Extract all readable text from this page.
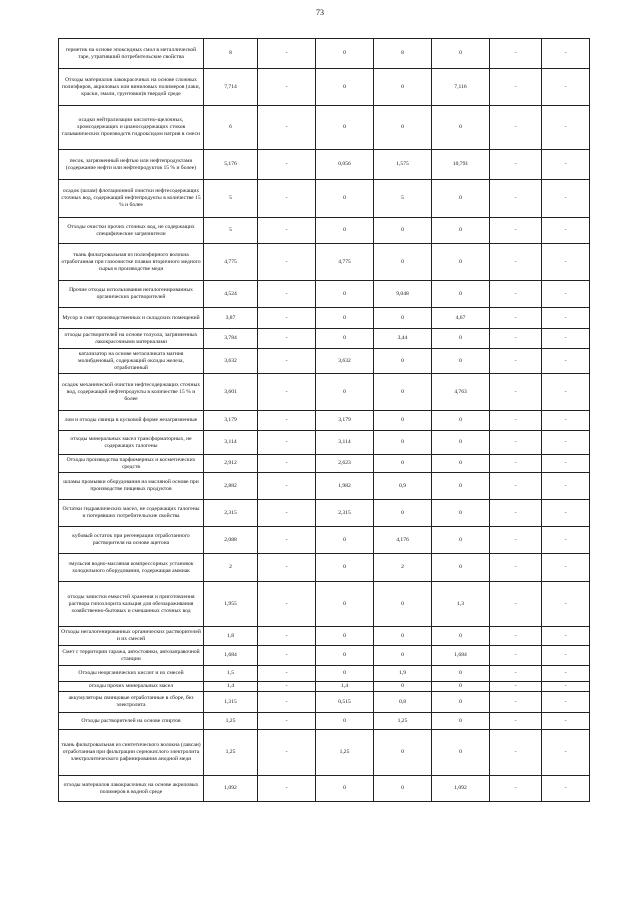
73
герметик на основе эпоксидных смол в металлической таре, утративший потребительские свойства	8	-	0	8	0	-	-
Отходы материалов лакокрасочных на основе сложных полиэфиров, акриловых или виниловых полимеров (лаки, краски, эмали, грунтовки)в твердой среде	7,714	-	0	0	7,116	-	-
осадки нейтрализации кислотно-щелочных, хромсодержащих и цианосодержащих стоков гальванических производств гидроксидом натрия в смеси	6	-	0	0	0	-	-
песок, загрязненный нефтью или нефтепродуктами (содержание нефти или нефтепродуктов 15 % и более)	5,176	-	0,056	1,575	10,791	-	-
осадок (шлам) флотационной очистки нефтесодержащих сточных вод, содержащий нефтепродукты в количестве 15 % и более	5	-	0	5	0	-	-
Отходы очистки прочих сточных вод, не содержащих специфические загрязнители	5	-	0	0	0	-	-
ткань фильтровальная из полиэфирного волокна отработанная при газоочистке плавки вторичного медного сырья в производстве меди	4,775	-	4,775	0	0	-	-
Прочие отходы использования негалогенированных органических растворителей	4,524	-	0	9,048	0	-	-
Мусор и смет производственных и складских помещений	3,87	-	0	0	4,67	-	-
отходы растворителей на основе толуола, загрязненных лакокрасочными материалами	3,784	-	0	3,44	0	-	-
катализатор на основе метасиликата магния молибденовый, содержащий оксиды железа, отработанный	3,632	-	3,632	0	0	-	-
осадок механической очистки нефтесодержащих сточных вод, содержащий нефтепродукты в количестве 15 % и более	3,601	-	0	0	4,763	-	-
лом и отходы свинца в кусковой форме незагрязненные	3,179	-	3,179	0	0	-	-
отходы минеральных масел трансформаторных, не содержащих галогены	3,114	-	3,114	0	0	-	-
Отходы производства парфюмерных и косметических средств	2,912	-	2,623	0	0	-	-
шламы промывки оборудования на масляной основе при производстве пищевых продуктов	2,882	-	1,982	0,9	0	-	-
Остатки гидравлических масел, не содержащих галогены и потерявших потребительские свойства	2,315	-	2,315	0	0	-	-
кубовый остаток при регенерации отработанного растворителя на основе ацетона	2,088	-	0	4,176	0	-	-
эмульсия водно-масляная компрессорных установок холодильного оборудования, содержащая аммиак	2	-	0	2	0	-	-
отходы зачистки емкостей хранения и приготовления раствора гипохлорита кальция для обеззараживания хозяйственно-бытовых и смешанных сточных вод	1,955	-	0	0	1,3	-	-
Отходы негалогенированных органических растворителей и их смесей	1,8	-	0	0	0	-	-
Смет с территории гаража, автостоянки, автозаправочной станции	1,684	-	0	0	1,684	-	-
Отходы неорганических кислот и их смесей	1,5	-	0	1,9	0	-	-
отходы прочих минеральных масел	1,4	-	1,4	0	0	-	-
аккумуляторы свинцовые отработанные в сборе, без электролита	1,315	-	0,515	0,8	0	-	-
Отходы растворителей на основе спиртов	1,25	-	0	1,25	0	-	-
ткань фильтровальная из синтетического волокна (лавсан) отработанная при фильтрации сернокислого электролита электролитического рафинирования анодной меди	1,25	-	1,25	0	0	-	-
отходы материалов лакокрасочных на основе акриловых полимеров в водной среде	1,092	-	0	0	1,092	-	-
